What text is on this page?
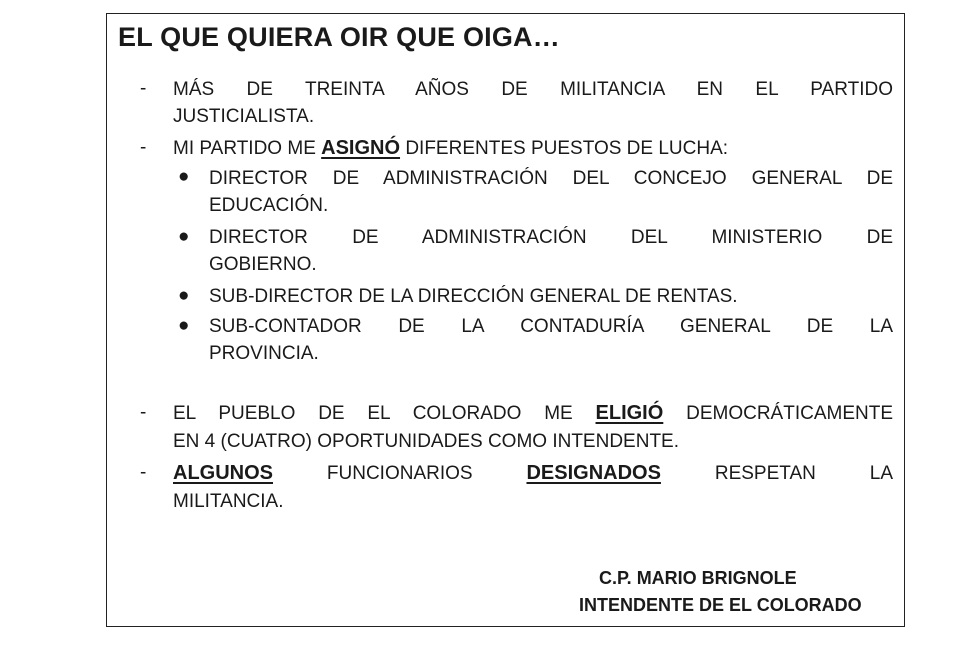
EL QUE QUIERA OIR QUE OIGA…
- MÁS DE TREINTA AÑOS DE MILITANCIA EN EL PARTIDO

JUSTICIALISTA.

- MI PARTIDO ME ASIGNÓ DIFERENTES PUESTOS DE LUCHA:

● DIRECTOR DE ADMINISTRACIÓN DEL CONCEJO GENERAL DE

EDUCACIÓN.

● DIRECTOR DE ADMINISTRACIÓN DEL MINISTERIO DE

GOBIERNO.

● SUB-DIRECTOR DE LA DIRECCIÓN GENERAL DE RENTAS.

● SUB-CONTADOR DE LA CONTADURÍA GENERAL DE LA

PROVINCIA.

- EL PUEBLO DE EL COLORADO ME ELIGIÓ DEMOCRÁTICAMENTE

EN 4 (CUATRO) OPORTUNIDADES COMO INTENDENTE.

- ALGUNOS FUNCIONARIOS DESIGNADOS RESPETAN LA

MILITANCIA.

C.P. MARIO BRIGNOLE
INTENDENTE DE EL COLORADO
